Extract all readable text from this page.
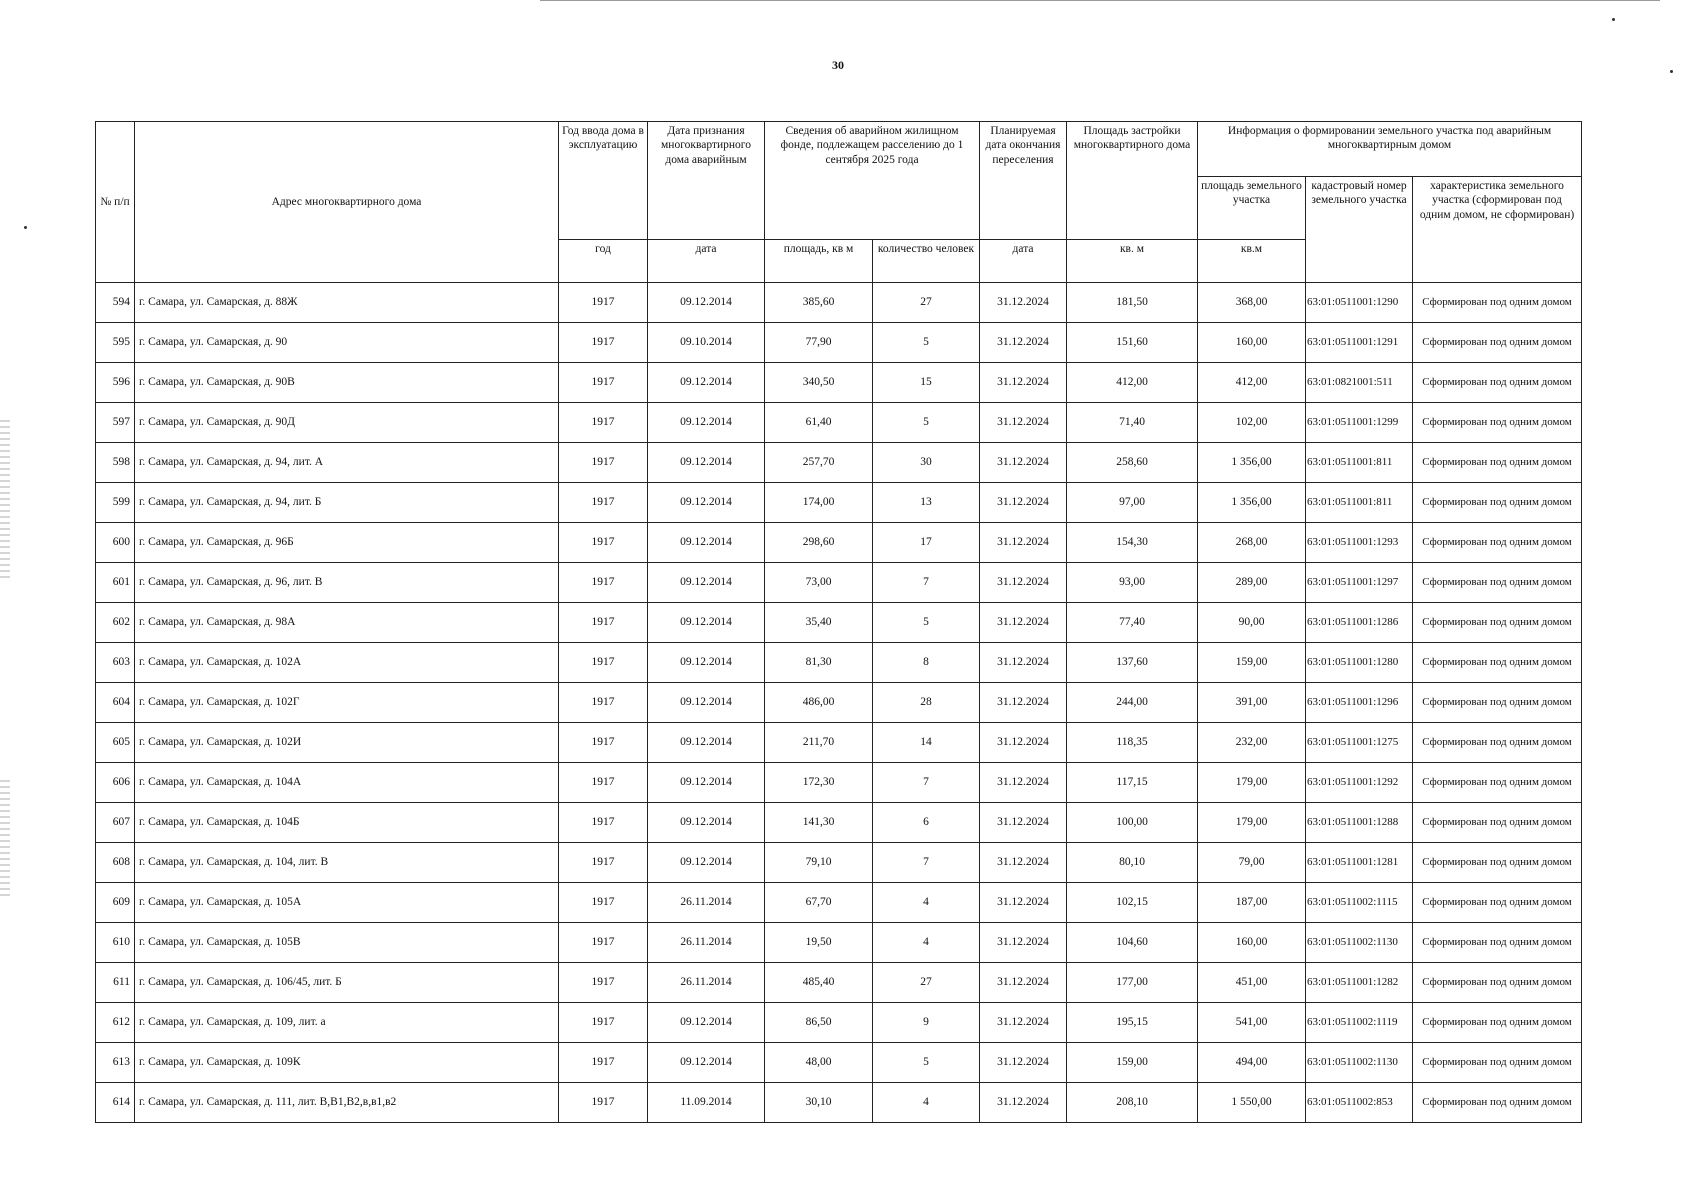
30
№ п/п	Адрес многоквартирного дома	Год ввода дома в эксплуатацию	Дата признания многоквартирного дома аварийным	Сведения об аварийном жилищном фонде, подлежащем расселению до 1 сентября 2025 года		Планируемая дата окончания переселения	Площадь застройки многоквартирного дома	Информация о формировании земельного участка под аварийным многоквартирным домом		
								площадь земельного участка	кадастровый номер земельного участка	характеристика земельного участка (сформирован под одним домом, не сформирован)
		год	дата	площадь, кв м	количество человек	дата	кв. м	кв.м		
594	г. Самара, ул. Самарская, д. 88Ж	1917	09.12.2014	385,60	27	31.12.2024	181,50	368,00	63:01:0511001:1290	Сформирован под одним домом
595	г. Самара, ул. Самарская, д. 90	1917	09.10.2014	77,90	5	31.12.2024	151,60	160,00	63:01:0511001:1291	Сформирован под одним домом
596	г. Самара, ул. Самарская, д. 90В	1917	09.12.2014	340,50	15	31.12.2024	412,00	412,00	63:01:0821001:511	Сформирован под одним домом
597	г. Самара, ул. Самарская, д. 90Д	1917	09.12.2014	61,40	5	31.12.2024	71,40	102,00	63:01:0511001:1299	Сформирован под одним домом
598	г. Самара, ул. Самарская, д. 94, лит. А	1917	09.12.2014	257,70	30	31.12.2024	258,60	1 356,00	63:01:0511001:811	Сформирован под одним домом
599	г. Самара, ул. Самарская, д. 94, лит. Б	1917	09.12.2014	174,00	13	31.12.2024	97,00	1 356,00	63:01:0511001:811	Сформирован под одним домом
600	г. Самара, ул. Самарская, д. 96Б	1917	09.12.2014	298,60	17	31.12.2024	154,30	268,00	63:01:0511001:1293	Сформирован под одним домом
601	г. Самара, ул. Самарская, д. 96, лит. В	1917	09.12.2014	73,00	7	31.12.2024	93,00	289,00	63:01:0511001:1297	Сформирован под одним домом
602	г. Самара, ул. Самарская, д. 98А	1917	09.12.2014	35,40	5	31.12.2024	77,40	90,00	63:01:0511001:1286	Сформирован под одним домом
603	г. Самара, ул. Самарская, д. 102А	1917	09.12.2014	81,30	8	31.12.2024	137,60	159,00	63:01:0511001:1280	Сформирован под одним домом
604	г. Самара, ул. Самарская, д. 102Г	1917	09.12.2014	486,00	28	31.12.2024	244,00	391,00	63:01:0511001:1296	Сформирован под одним домом
605	г. Самара, ул. Самарская, д. 102И	1917	09.12.2014	211,70	14	31.12.2024	118,35	232,00	63:01:0511001:1275	Сформирован под одним домом
606	г. Самара, ул. Самарская, д. 104А	1917	09.12.2014	172,30	7	31.12.2024	117,15	179,00	63:01:0511001:1292	Сформирован под одним домом
607	г. Самара, ул. Самарская, д. 104Б	1917	09.12.2014	141,30	6	31.12.2024	100,00	179,00	63:01:0511001:1288	Сформирован под одним домом
608	г. Самара, ул. Самарская, д. 104, лит. В	1917	09.12.2014	79,10	7	31.12.2024	80,10	79,00	63:01:0511001:1281	Сформирован под одним домом
609	г. Самара, ул. Самарская, д. 105А	1917	26.11.2014	67,70	4	31.12.2024	102,15	187,00	63:01:0511002:1115	Сформирован под одним домом
610	г. Самара, ул. Самарская, д. 105В	1917	26.11.2014	19,50	4	31.12.2024	104,60	160,00	63:01:0511002:1130	Сформирован под одним домом
611	г. Самара, ул. Самарская, д. 106/45, лит. Б	1917	26.11.2014	485,40	27	31.12.2024	177,00	451,00	63:01:0511001:1282	Сформирован под одним домом
612	г. Самара, ул. Самарская, д. 109, лит. а	1917	09.12.2014	86,50	9	31.12.2024	195,15	541,00	63:01:0511002:1119	Сформирован под одним домом
613	г. Самара, ул. Самарская, д. 109К	1917	09.12.2014	48,00	5	31.12.2024	159,00	494,00	63:01:0511002:1130	Сформирован под одним домом
614	г. Самара, ул. Самарская, д. 111, лит. В,В1,В2,в,в1,в2	1917	11.09.2014	30,10	4	31.12.2024	208,10	1 550,00	63:01:0511002:853	Сформирован под одним домом
